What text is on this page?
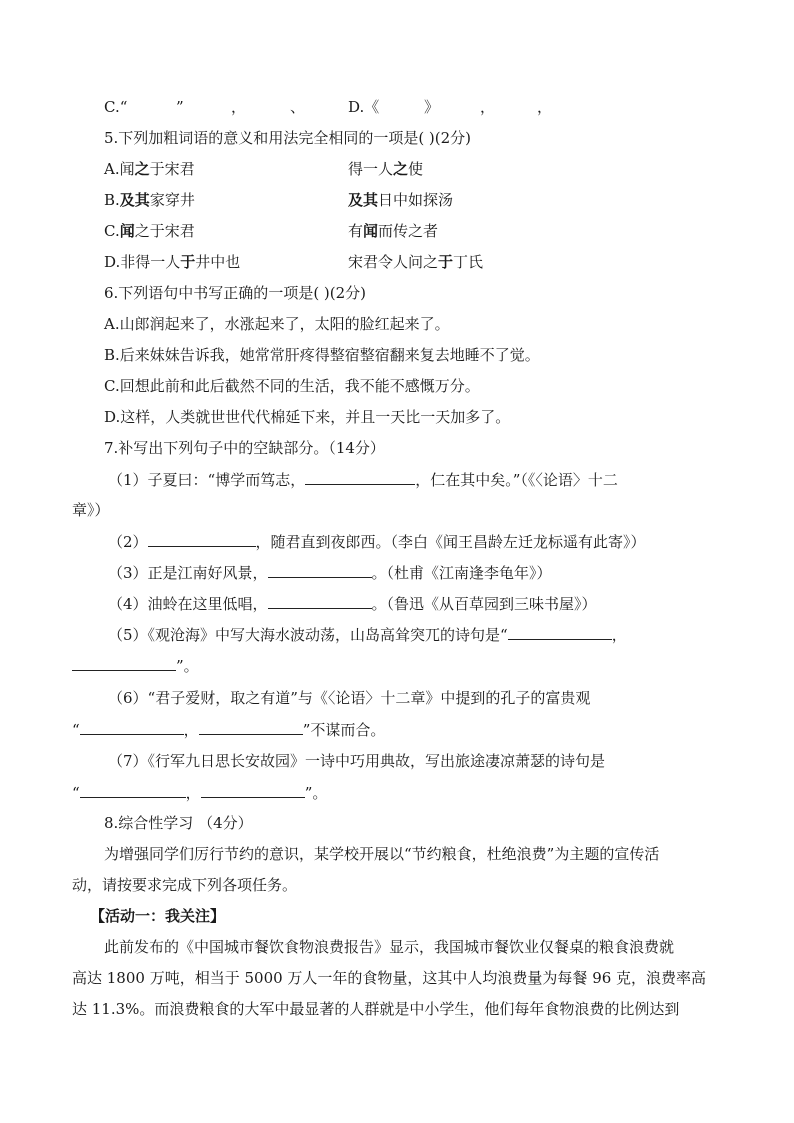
C.“	”	，	、	D.《	》	，	，
5.下列加粗词语的意义和用法完全相同的一项是( )(2分)
A.闻之于宋君	得一人之使
B.及其家穿井	及其日中如探汤
C.闻之于宋君	有闻而传之者
D.非得一人于井中也	宋君令人问之于丁氏
6.下列语句中书写正确的一项是( )(2分)
A.山郎润起来了，水涨起来了，太阳的脸红起来了。
B.后来妹妹告诉我，她常常肝疼得整宿整宿翻来复去地睡不了觉。
C.回想此前和此后截然不同的生活，我不能不感慨万分。
D.这样，人类就世世代代棉延下来，并且一天比一天加多了。
7.补写出下列句子中的空缺部分。（14分）
（1）子夏曰：“博学而笃志，	，仁在其中矣。”（《〈论语〉十二
章》）
（2）	，随君直到夜郎西。（李白《闻王昌龄左迁龙标遥有此寄》）
（3）正是江南好风景，	。（杜甫《江南逢李龟年》）
（4）油蛉在这里低唱，	。（鲁迅《从百草园到三味书屋》）
（5）《观沧海》中写大海水波动荡，山岛高耸突兀的诗句是“	，
”。
（6）“君子爱财，取之有道”与《〈论语〉十二章》中提到的孔子的富贵观
“	，	”不谋而合。
（7）《行军九日思长安故园》一诗中巧用典故，写出旅途凄凉萧瑟的诗句是
“	，	”。
8.综合性学习 （4分）
为增强同学们厉行节约的意识，某学校开展以“节约粮食，杜绝浪费”为主题的宣传活
动，请按要求完成下列各项任务。
【活动一：我关注】
此前发布的《中国城市餐饮食物浪费报告》显示，我国城市餐饮业仅餐桌的粮食浪费就
高达 1800 万吨，相当于 5000 万人一年的食物量，这其中人均浪费量为每餐 96 克，浪费率高
达 11.3%。而浪费粮食的大军中最显著的人群就是中小学生，他们每年食物浪费的比例达到
